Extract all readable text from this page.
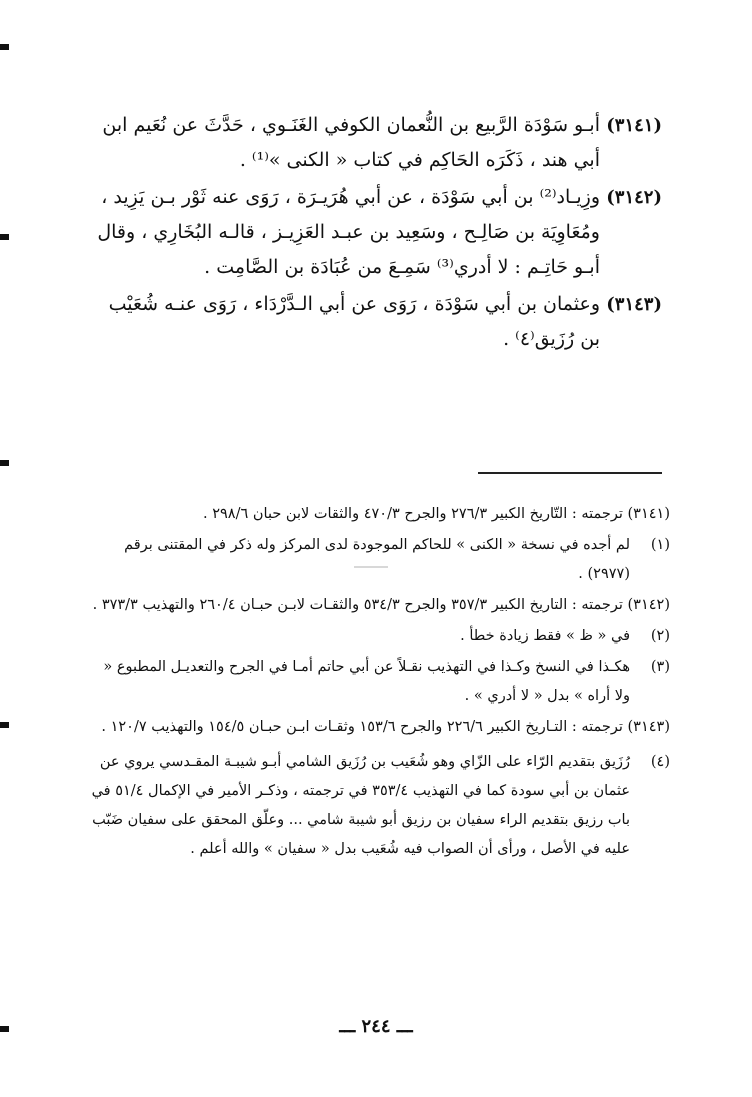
(٣١٤١)
أبـو سَوْدَة الرَّبيع بن النُّعمان الكوفي الغَنَـوي ، حَدَّثَ عن نُعَيم ابن أبي هند ، ذَكَرَه الحَاكِم في كتاب « الكنى »⁽¹⁾ .
(٣١٤٢)
وزِيـاد⁽²⁾ بن أبي سَوْدَة ، عن أبي هُرَيـرَة ، رَوَى عنه ثَوْر بـن يَزِيد ، ومُعَاوِيَة بن صَالِـح ، وسَعِيد بن عبـد العَزِيـز ، قالـه البُخَارِي ، وقال أبـو حَاتِـم : لا أدري⁽³⁾ سَمِـعَ من عُبَادَة بن الصَّامِت .
(٣١٤٣)
وعثمان بن أبي سَوْدَة ، رَوَى عن أبي الـدَّرْدَاء ، رَوَى عنـه شُعَيْب بن رُزَيق⁽٤⁾ .
(٣١٤١) ترجمته : التّاريخ الكبير ٢٧٦/٣ والجرح ٤٧٠/٣ والثقات لابن حبان ٢٩٨/٦ .
(١)
لم أجده في نسخة « الكنى » للحاكم الموجودة لدى المركز وله ذكر في المقتنى برقم (٢٩٧٧) .
(٣١٤٢) ترجمته : التاريخ الكبير ٣٥٧/٣ والجرح ٥٣٤/٣ والثقـات لابـن حبـان ٢٦٠/٤ والتهذيب ٣٧٣/٣ .
(٢)
في « ظ » فقط زيادة خطأ .
(٣)
هكـذا في النسخ وكـذا في التهذيب نقـلاً عن أبي حاتم أمـا في الجرح والتعديـل المطبوع « ولا أراه » بدل « لا أدري » .
(٣١٤٣) ترجمته : التـاريخ الكبير ٢٢٦/٦ والجرح ١٥٣/٦ وثقـات ابـن حبـان ١٥٤/٥ والتهذيب ١٢٠/٧ .
(٤)
رُزَيق بتقديم الرّاء على الزّاي وهو شُعَيب بن رُزَيق الشامي أبـو شيبـة المقـدسي يروي عن عثمان بن أبي سودة كما في التهذيب ٣٥٣/٤ في ترجمته ، وذكـر الأمير في الإكمال ٥١/٤ في باب رزيق بتقديم الراء سفيان بن رزيق أبو شيبة شامي ... وعلّق المحقق على سفيان ضَبّب عليه في الأصل ، ورأى أن الصواب فيه شُعَيب بدل « سفيان » والله أعلم .
ـــ ٢٤٤ ـــ
